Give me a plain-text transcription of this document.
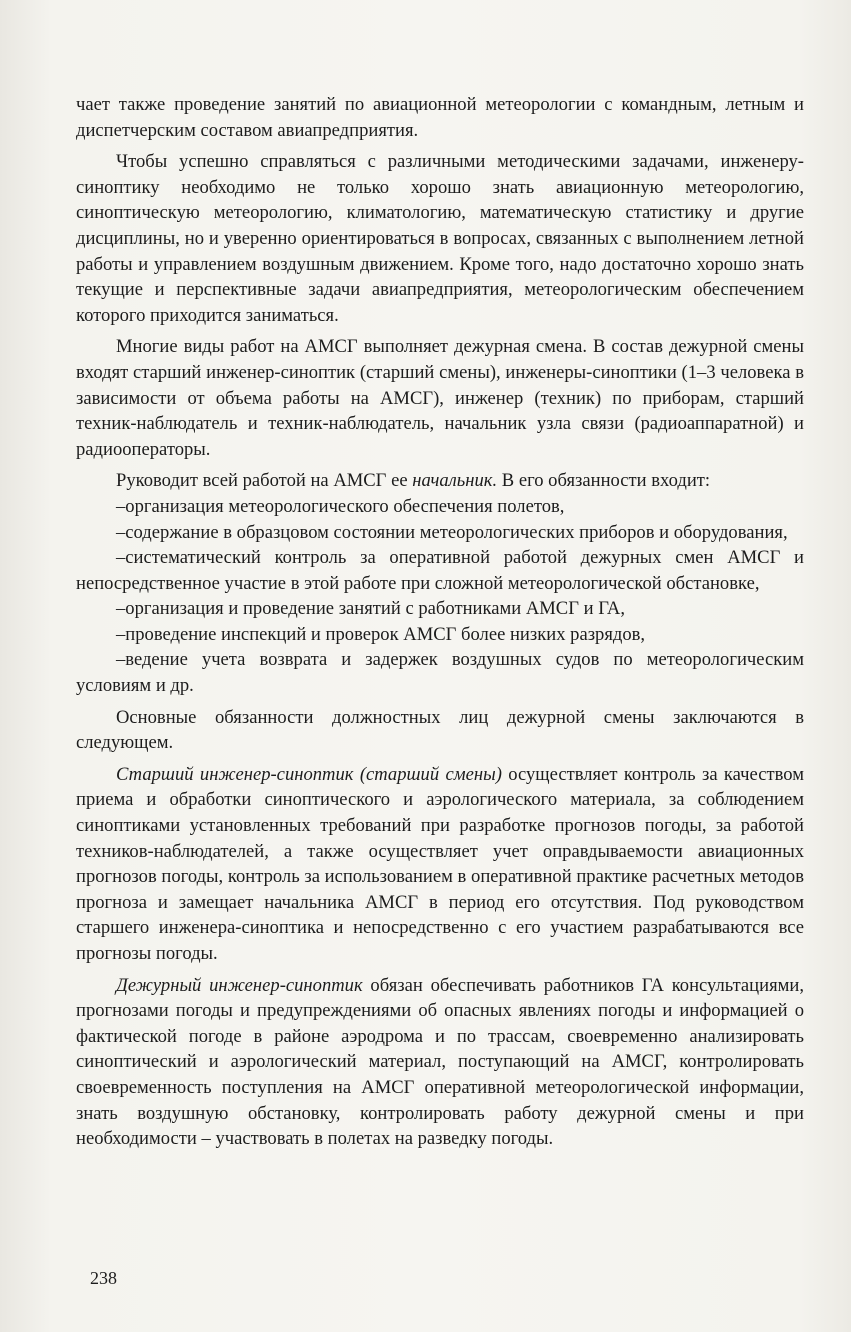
чает также проведение занятий по авиационной метеорологии с командным, летным и диспетчерским составом авиапредприятия.

Чтобы успешно справляться с различными методическими задачами, инженеру-синоптику необходимо не только хорошо знать авиационную метеорологию, синоптическую метеорологию, климатологию, математическую статистику и другие дисциплины, но и уверенно ориентироваться в вопросах, связанных с выполнением летной работы и управлением воздушным движением. Кроме того, надо достаточно хорошо знать текущие и перспективные задачи авиапредприятия, метеорологическим обеспечением которого приходится заниматься.

Многие виды работ на АМСГ выполняет дежурная смена. В состав дежурной смены входят старший инженер-синоптик (старший смены), инженеры-синоптики (1–3 человека в зависимости от объема работы на АМСГ), инженер (техник) по приборам, старший техник-наблюдатель и техник-наблюдатель, начальник узла связи (радиоаппаратной) и радиооператоры.

Руководит всей работой на АМСГ ее начальник. В его обязанности входит:

–организация метеорологического обеспечения полетов,

–содержание в образцовом состоянии метеорологических приборов и оборудования,

–систематический контроль за оперативной работой дежурных смен АМСГ и непосредственное участие в этой работе при сложной метеорологической обстановке,

–организация и проведение занятий с работниками АМСГ и ГА,

–проведение инспекций и проверок АМСГ более низких разрядов,

–ведение учета возврата и задержек воздушных судов по метеорологическим условиям и др.

Основные обязанности должностных лиц дежурной смены заключаются в следующем.

Старший инженер-синоптик (старший смены) осуществляет контроль за качеством приема и обработки синоптического и аэрологического материала, за соблюдением синоптиками установленных требований при разработке прогнозов погоды, за работой техников-наблюдателей, а также осуществляет учет оправдываемости авиационных прогнозов погоды, контроль за использованием в оперативной практике расчетных методов прогноза и замещает начальника АМСГ в период его отсутствия. Под руководством старшего инженера-синоптика и непосредственно с его участием разрабатываются все прогнозы погоды.

Дежурный инженер-синоптик обязан обеспечивать работников ГА консультациями, прогнозами погоды и предупреждениями об опасных явлениях погоды и информацией о фактической погоде в районе аэродрома и по трассам, своевременно анализировать синоптический и аэрологический материал, поступающий на АМСГ, контролировать своевременность поступления на АМСГ оперативной метеорологической информации, знать воздушную обстановку, контролировать работу дежурной смены и при необходимости – участвовать в полетах на разведку погоды.

238
